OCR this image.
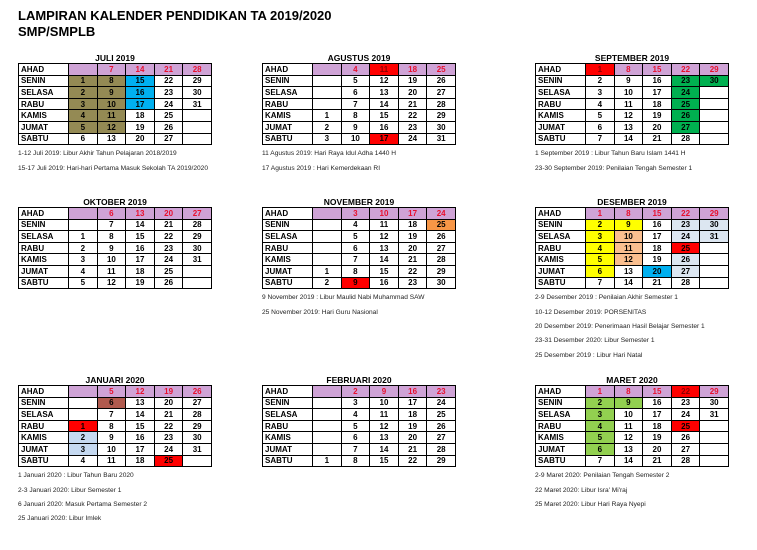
LAMPIRAN KALENDER PENDIDIKAN TA 2019/2020
SMP/SMPLB
JULI 2019
AHAD		7	14	21	28
SENIN	1	8	15	22	29
SELASA	2	9	16	23	30
RABU	3	10	17	24	31
KAMIS	4	11	18	25	
JUMAT	5	12	19	26	
SABTU	6	13	20	27	
1-12 Juli 2019: Libur Akhir Tahun Pelajaran 2018/2019
15-17 Juli 2019: Hari-hari Pertama Masuk Sekolah TA 2019/2020
AGUSTUS 2019
AHAD		4	11	18	25
SENIN		5	12	19	26
SELASA		6	13	20	27
RABU		7	14	21	28
KAMIS	1	8	15	22	29
JUMAT	2	9	16	23	30
SABTU	3	10	17	24	31
11 Agustus 2019: Hari Raya Idul Adha 1440 H
17 Agustus 2019 : Hari Kemerdekaan RI
SEPTEMBER 2019
AHAD	1	8	15	22	29
SENIN	2	9	16	23	30
SELASA	3	10	17	24	
RABU	4	11	18	25	
KAMIS	5	12	19	26	
JUMAT	6	13	20	27	
SABTU	7	14	21	28	
1 September 2019 : Libur Tahun Baru Islam 1441 H
23-30 September 2019: Penilaian Tengah Semester 1
OKTOBER 2019
AHAD		6	13	20	27
SENIN		7	14	21	28
SELASA	1	8	15	22	29
RABU	2	9	16	23	30
KAMIS	3	10	17	24	31
JUMAT	4	11	18	25	
SABTU	5	12	19	26	
NOVEMBER 2019
AHAD		3	10	17	24
SENIN		4	11	18	25
SELASA		5	12	19	26
RABU		6	13	20	27
KAMIS		7	14	21	28
JUMAT	1	8	15	22	29
SABTU	2	9	16	23	30
9 November 2019 : Libur Maulid Nabi Muhammad SAW
25 November 2019: Hari Guru Nasional
DESEMBER 2019
AHAD	1	8	15	22	29
SENIN	2	9	16	23	30
SELASA	3	10	17	24	31
RABU	4	11	18	25	
KAMIS	5	12	19	26	
JUMAT	6	13	20	27	
SABTU	7	14	21	28	
2-9 Desember 2019 : Penilaian Akhir Semester 1
10-12 Desember 2019: PORSENITAS
20 Desember 2019: Penerimaan Hasil Belajar Semester 1
23-31 Desember 2020: Libur Semester 1
25 Desember 2019 : Libur Hari Natal
JANUARI 2020
AHAD		5	12	19	26
SENIN		6	13	20	27
SELASA		7	14	21	28
RABU	1	8	15	22	29
KAMIS	2	9	16	23	30
JUMAT	3	10	17	24	31
SABTU	4	11	18	25	
1 Januari 2020 : Libur Tahun Baru 2020
2-3 Januari 2020: Libur Semester 1
6 Januari 2020: Masuk Pertama Semester 2
25 Januari 2020: Libur Imlek
FEBRUARI 2020
AHAD		2	9	16	23
SENIN		3	10	17	24
SELASA		4	11	18	25
RABU		5	12	19	26
KAMIS		6	13	20	27
JUMAT		7	14	21	28
SABTU	1	8	15	22	29
MARET 2020
AHAD	1	8	15	22	29
SENIN	2	9	16	23	30
SELASA	3	10	17	24	31
RABU	4	11	18	25	
KAMIS	5	12	19	26	
JUMAT	6	13	20	27	
SABTU	7	14	21	28	
2-9 Maret 2020: Penilaian Tengah Semester 2
22 Maret 2020: Libur Isra' Mi'raj
25 Maret 2020: Libur Hari Raya Nyepi
